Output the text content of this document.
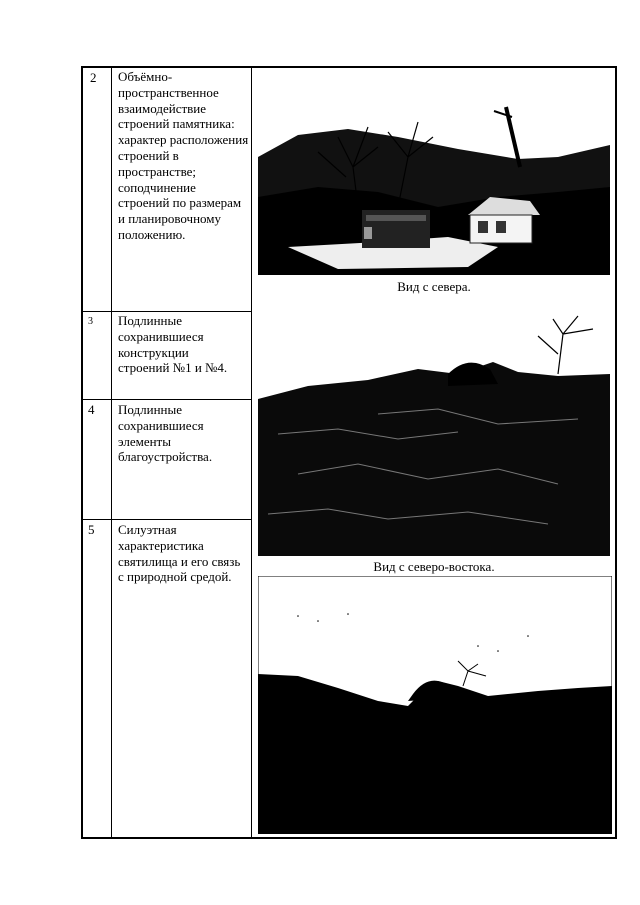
2
3
4
5
Объёмно-пространственное взаимодействие строений памятника: характер расположения строений в пространстве; соподчинение строений по размерам и планировочному положению.
Подлинные сохранившиеся конструкции строений №1 и №4.
Подлинные сохранившиеся элементы благоустройства.
Силуэтная характеристика святилища и его связь с природной средой.
Вид с севера.
Вид с северо-востока.
